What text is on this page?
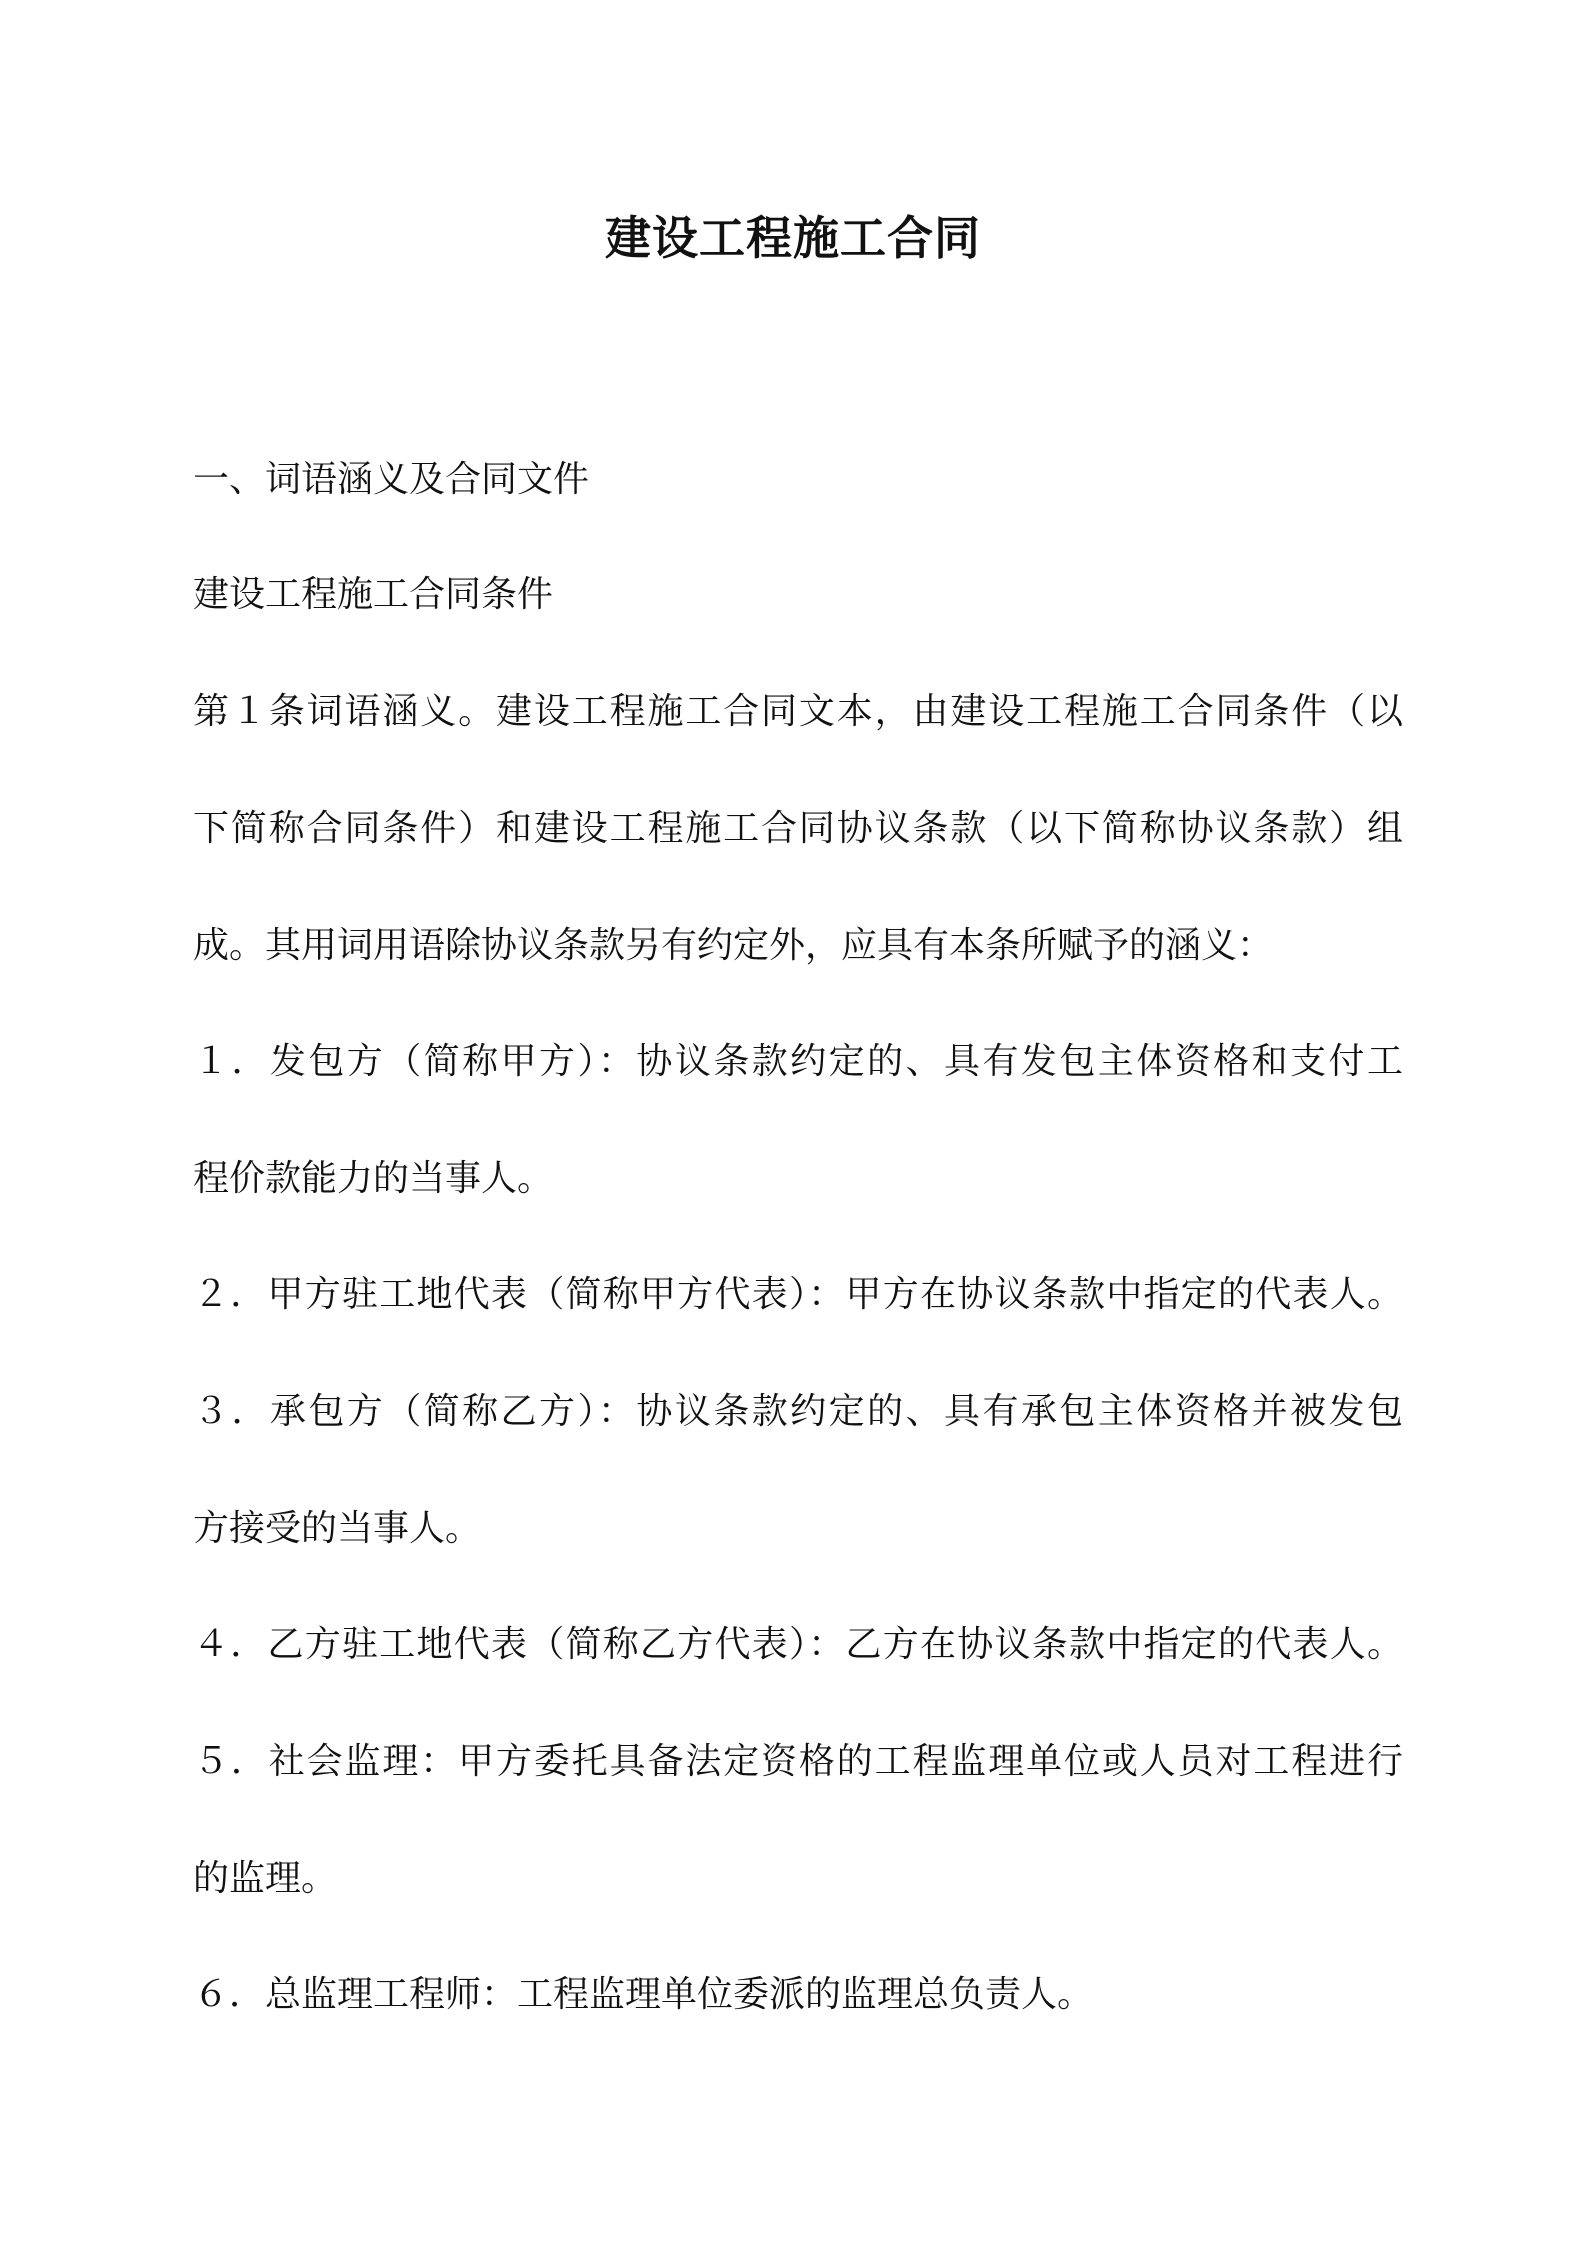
建设工程施工合同
一、词语涵义及合同文件
建设工程施工合同条件
第１条词语涵义。建设工程施工合同文本，由建设工程施工合同条件（以
下简称合同条件）和建设工程施工合同协议条款（以下简称协议条款）组
成。其用词用语除协议条款另有约定外，应具有本条所赋予的涵义：
１．发包方（简称甲方）：协议条款约定的、具有发包主体资格和支付工
程价款能力的当事人。
２．甲方驻工地代表（简称甲方代表）：甲方在协议条款中指定的代表人。
３．承包方（简称乙方）：协议条款约定的、具有承包主体资格并被发包
方接受的当事人。
４．乙方驻工地代表（简称乙方代表）：乙方在协议条款中指定的代表人。
５．社会监理：甲方委托具备法定资格的工程监理单位或人员对工程进行
的监理。
６．总监理工程师：工程监理单位委派的监理总负责人。
